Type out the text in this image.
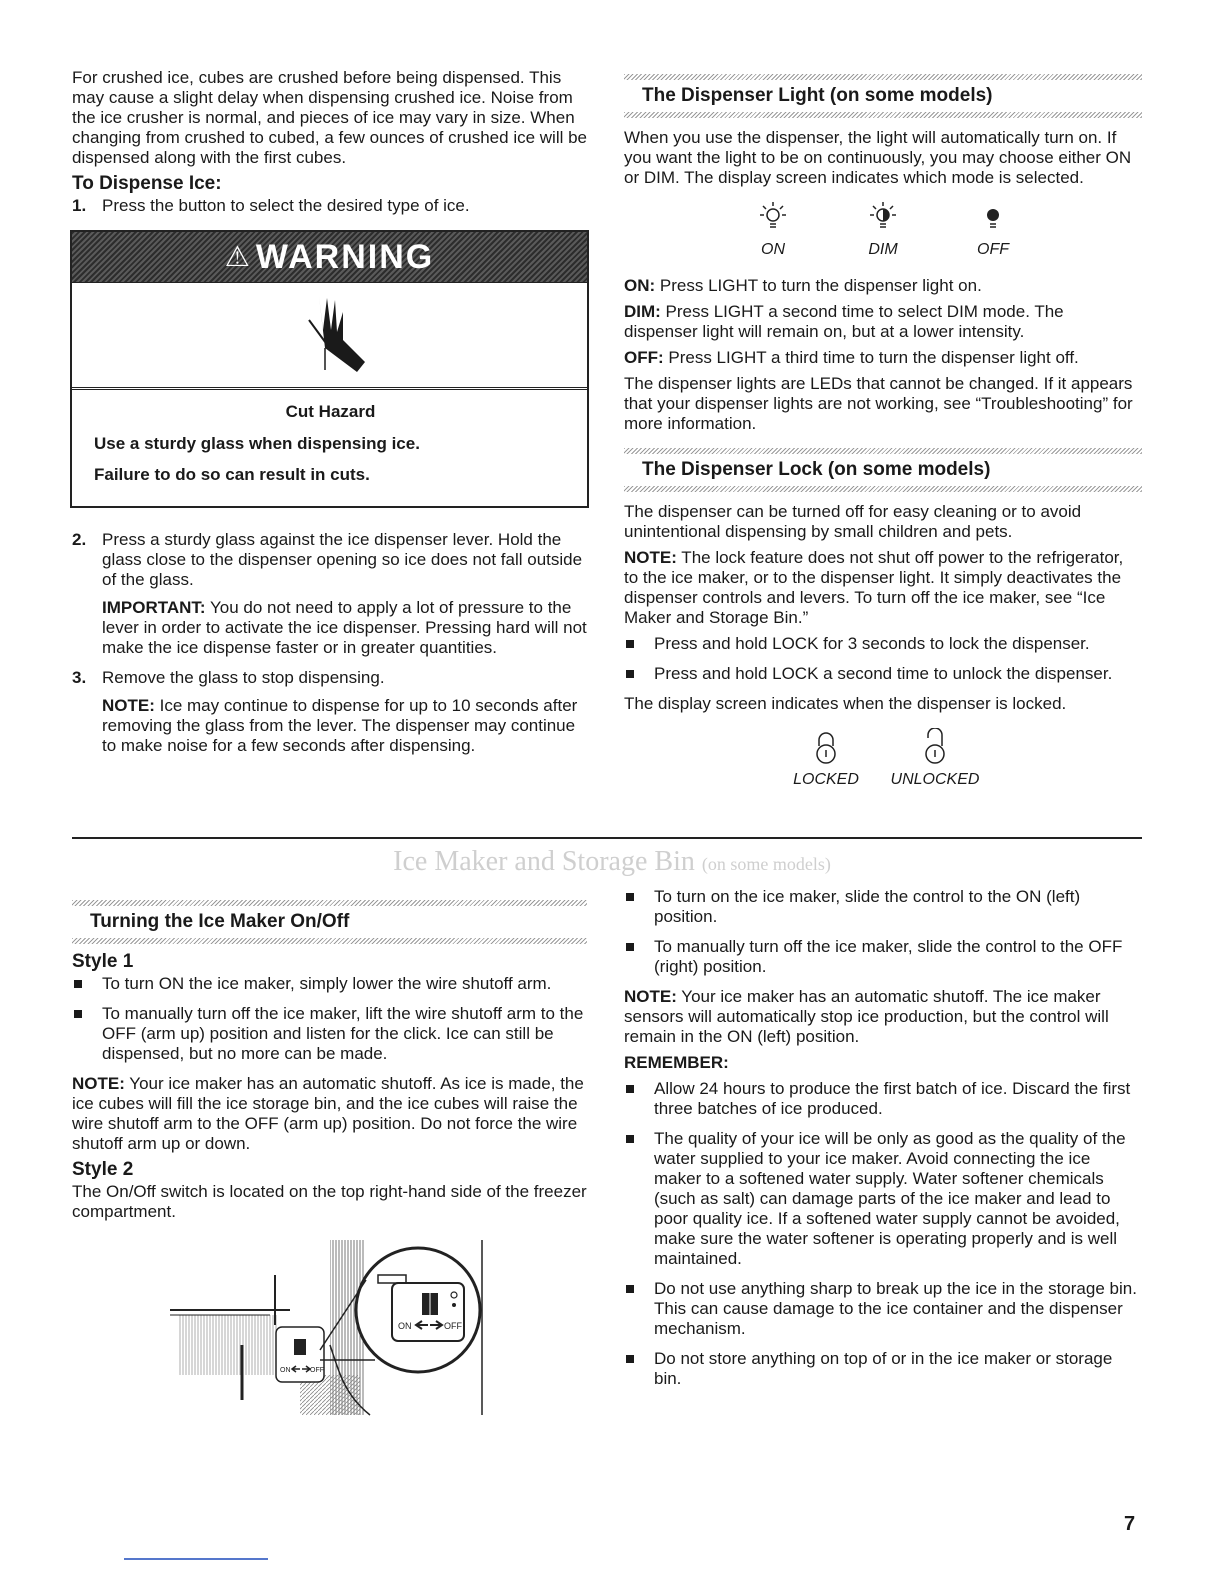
For crushed ice, cubes are crushed before being dispensed. This may cause a slight delay when dispensing crushed ice. Noise from the ice crusher is normal, and pieces of ice may vary in size. When changing from crushed to cubed, a few ounces of crushed ice will be dispensed along with the first cubes.

To Dispense Ice:
1. Press the button to select the desired type of ice.
⚠ WARNING
Cut Hazard
Use a sturdy glass when dispensing ice.
Failure to do so can result in cuts.
2. Press a sturdy glass against the ice dispenser lever. Hold the glass close to the dispenser opening so ice does not fall outside of the glass.

IMPORTANT: You do not need to apply a lot of pressure to the lever in order to activate the ice dispenser. Pressing hard will not make the ice dispense faster or in greater quantities.

3. Remove the glass to stop dispensing.

NOTE: Ice may continue to dispense for up to 10 seconds after removing the glass from the lever. The dispenser may continue to make noise for a few seconds after dispensing.

The Dispenser Light (on some models)

When you use the dispenser, the light will automatically turn on. If you want the light to be on continuously, you may choose either ON or DIM. The display screen indicates which mode is selected.

ON	DIM	OFF

ON: Press LIGHT to turn the dispenser light on.

DIM: Press LIGHT a second time to select DIM mode. The dispenser light will remain on, but at a lower intensity.

OFF: Press LIGHT a third time to turn the dispenser light off.

The dispenser lights are LEDs that cannot be changed. If it appears that your dispenser lights are not working, see “Troubleshooting” for more information.

The Dispenser Lock (on some models)

The dispenser can be turned off for easy cleaning or to avoid unintentional dispensing by small children and pets.

NOTE: The lock feature does not shut off power to the refrigerator, to the ice maker, or to the dispenser light. It simply deactivates the dispenser controls and levers. To turn off the ice maker, see “Ice Maker and Storage Bin.”

Press and hold LOCK for 3 seconds to lock the dispenser.
Press and hold LOCK a second time to unlock the dispenser.

The display screen indicates when the dispenser is locked.

LOCKED	UNLOCKED
Ice Maker and Storage Bin (on some models)
Turning the Ice Maker On/Off
Style 1
To turn ON the ice maker, simply lower the wire shutoff arm.
To manually turn off the ice maker, lift the wire shutoff arm to the OFF (arm up) position and listen for the click. Ice can still be dispensed, but no more can be made.

NOTE: Your ice maker has an automatic shutoff. As ice is made, the ice cubes will fill the ice storage bin, and the ice cubes will raise the wire shutoff arm to the OFF (arm up) position. Do not force the wire shutoff arm up or down.

Style 2

The On/Off switch is located on the top right-hand side of the freezer compartment.

ON	OFF
ON	OFF
To turn on the ice maker, slide the control to the ON (left) position.
To manually turn off the ice maker, slide the control to the OFF (right) position.

NOTE: Your ice maker has an automatic shutoff. The ice maker sensors will automatically stop ice production, but the control will remain in the ON (left) position.

REMEMBER:
Allow 24 hours to produce the first batch of ice. Discard the first three batches of ice produced.
The quality of your ice will be only as good as the quality of the water supplied to your ice maker. Avoid connecting the ice maker to a softened water supply. Water softener chemicals (such as salt) can damage parts of the ice maker and lead to poor quality ice. If a softened water supply cannot be avoided, make sure the water softener is operating properly and is well maintained.
Do not use anything sharp to break up the ice in the storage bin. This can cause damage to the ice container and the dispenser mechanism.
Do not store anything on top of or in the ice maker or storage bin.
7
